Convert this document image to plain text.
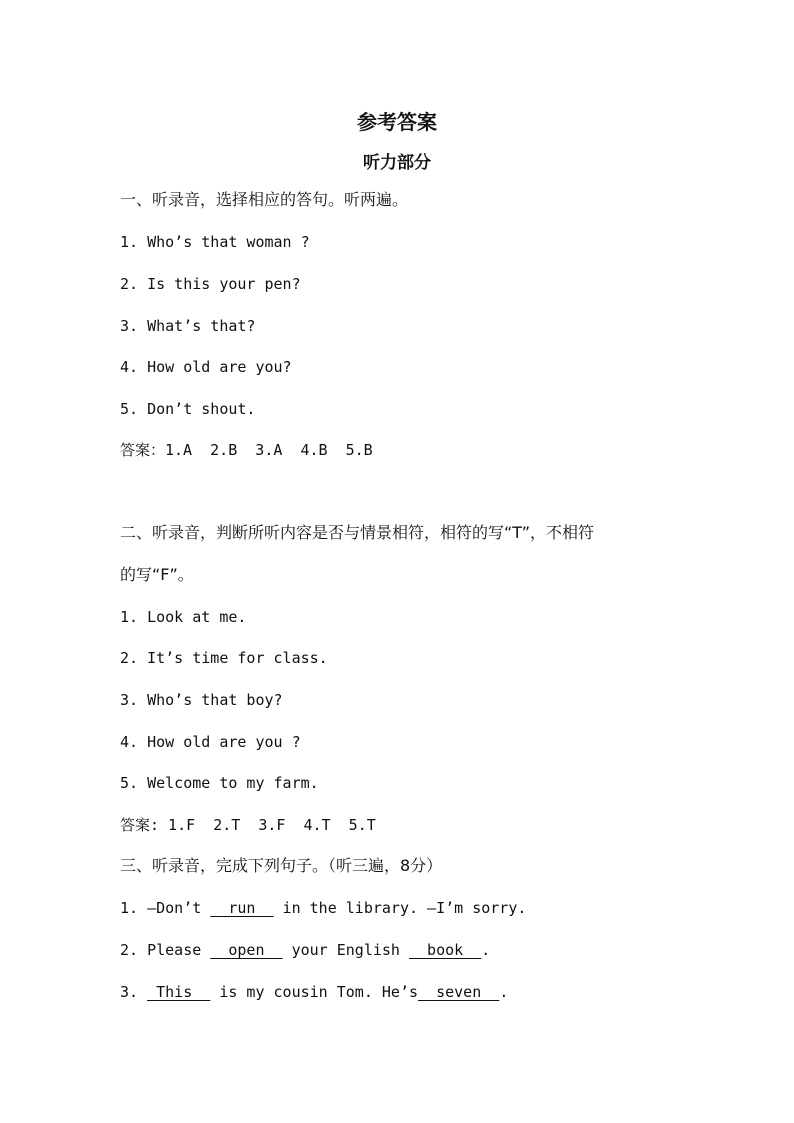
参考答案
听力部分
一、听录音，选择相应的答句。听两遍。
1. Who’s that woman ?
2. Is this your pen?
3. What’s that?
4. How old are you?
5. Don’t shout.
答案：1.A  2.B  3.A  4.B  5.B
二、听录音，判断所听内容是否与情景相符，相符的写“T”，不相符
的写“F”。
1. Look at me.
2. It’s time for class.
3. Who’s that boy?
4. How old are you ?
5. Welcome to my farm.
答案: 1.F  2.T  3.F  4.T  5.T
三、听录音，完成下列句子。（听三遍，8分）
1. —Don’t   run   in the library. —I’m sorry.
2. Please   open   your English   book  .
3.  This   is my cousin Tom. He’s  seven  .
